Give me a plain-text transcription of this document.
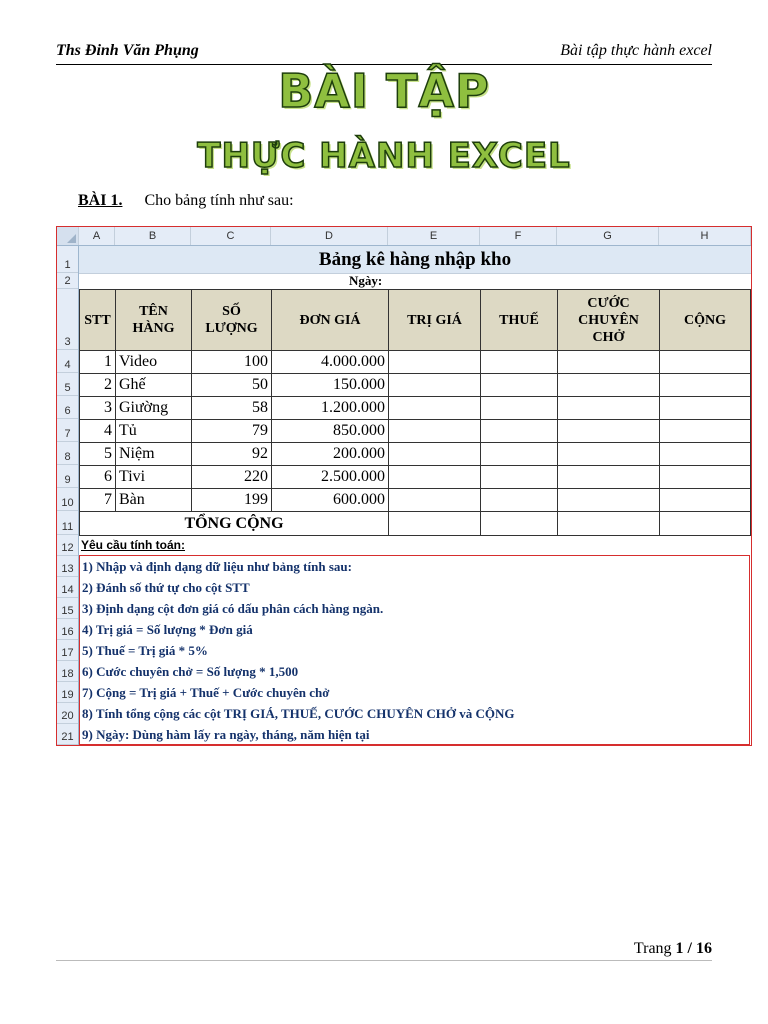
Ths Đinh Văn Phụng	Bài tập thực hành excel
BÀI TẬP
THỰC HÀNH EXCEL
BÀI 1. Cho bảng tính như sau:
A	B	C	D	E	F	G	H
1
2
3
4
5
6
7
8
9
10
11
12
13
14
15
16
17
18
19
20
21
Bảng kê hàng nhập kho
Ngày:
STT	TÊN HÀNG	SỐ LƯỢNG	ĐƠN GIÁ	TRỊ GIÁ	THUẾ	CƯỚC CHUYÊN CHỞ	CỘNG
1	Video	100	4.000.000				
2	Ghế	50	150.000				
3	Giường	58	1.200.000				
4	Tủ	79	850.000				
5	Niệm	92	200.000				
6	Tivi	220	2.500.000				
7	Bàn	199	600.000				
TỔNG CỘNG							
Yêu cầu tính toán:
1) Nhập và định dạng dữ liệu như bảng tính sau:
2) Đánh số thứ tự cho cột STT
3) Định dạng cột đơn giá có dấu phân cách hàng ngàn.
4) Trị giá = Số lượng * Đơn giá
5) Thuế = Trị giá * 5%
6) Cước chuyên chở = Số lượng * 1,500
7) Cộng = Trị giá + Thuế + Cước chuyên chở
8) Tính tổng cộng các cột TRỊ GIÁ, THUẾ, CƯỚC CHUYÊN CHỞ và CỘNG
9) Ngày: Dùng hàm lấy ra ngày, tháng, năm hiện tại
Trang 1 / 16
